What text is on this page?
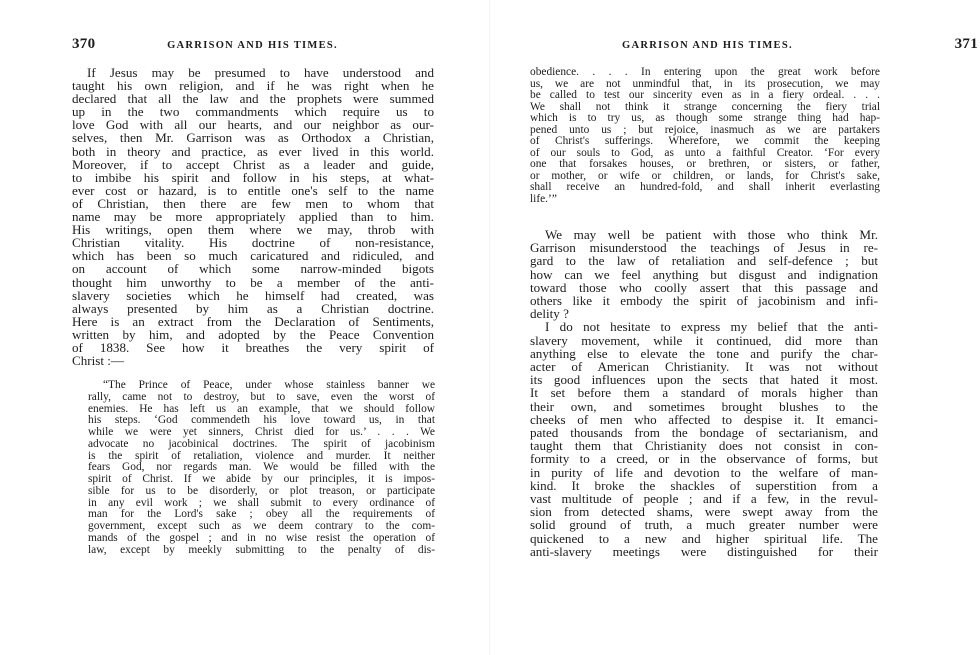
370	GARRISON AND HIS TIMES.
If Jesus may be presumed to have understood and
taught his own religion, and if he was right when he
declared that all the law and the prophets were summed
up in the two commandments which require us to
love God with all our hearts, and our neighbor as our-
selves, then Mr. Garrison was as Orthodox a Christian,
both in theory and practice, as ever lived in this world.
Moreover, if to accept Christ as a leader and guide,
to imbibe his spirit and follow in his steps, at what-
ever cost or hazard, is to entitle one's self to the name
of Christian, then there are few men to whom that
name may be more appropriately applied than to him.
His writings, open them where we may, throb with
Christian vitality. His doctrine of non-resistance,
which has been so much caricatured and ridiculed, and
on account of which some narrow-minded bigots
thought him unworthy to be a member of the anti-
slavery societies which he himself had created, was
always presented by him as a Christian doctrine.
Here is an extract from the Declaration of Sentiments,
written by him, and adopted by the Peace Convention
of 1838. See how it breathes the very spirit of
Christ :—
“The Prince of Peace, under whose stainless banner we
rally, came not to destroy, but to save, even the worst of
enemies. He has left us an example, that we should follow
his steps. ‘God commendeth his love toward us, in that
while we were yet sinners, Christ died for us.’ . . . We
advocate no jacobinical doctrines. The spirit of jacobinism
is the spirit of retaliation, violence and murder. It neither
fears God, nor regards man. We would be filled with the
spirit of Christ. If we abide by our principles, it is impos-
sible for us to be disorderly, or plot treason, or participate
in any evil work ; we shall submit to every ordinance of
man for the Lord's sake ; obey all the requirements of
government, except such as we deem contrary to the com-
mands of the gospel ; and in no wise resist the operation of
law, except by meekly submitting to the penalty of dis-
GARRISON AND HIS TIMES.	371
obedience. . . . In entering upon the great work before
us, we are not unmindful that, in its prosecution, we may
be called to test our sincerity even as in a fiery ordeal. . . .
We shall not think it strange concerning the fiery trial
which is to try us, as though some strange thing had hap-
pened unto us ; but rejoice, inasmuch as we are partakers
of Christ's sufferings. Wherefore, we commit the keeping
of our souls to God, as unto a faithful Creator. ‘For every
one that forsakes houses, or brethren, or sisters, or father,
or mother, or wife or children, or lands, for Christ's sake,
shall receive an hundred-fold, and shall inherit everlasting
life.’”
We may well be patient with those who think Mr.
Garrison misunderstood the teachings of Jesus in re-
gard to the law of retaliation and self-defence ; but
how can we feel anything but disgust and indignation
toward those who coolly assert that this passage and
others like it embody the spirit of jacobinism and infi-
delity ?
I do not hesitate to express my belief that the anti-
slavery movement, while it continued, did more than
anything else to elevate the tone and purify the char-
acter of American Christianity. It was not without
its good influences upon the sects that hated it most.
It set before them a standard of morals higher than
their own, and sometimes brought blushes to the
cheeks of men who affected to despise it. It emanci-
pated thousands from the bondage of sectarianism, and
taught them that Christianity does not consist in con-
formity to a creed, or in the observance of forms, but
in purity of life and devotion to the welfare of man-
kind. It broke the shackles of superstition from a
vast multitude of people ; and if a few, in the revul-
sion from detected shams, were swept away from the
solid ground of truth, a much greater number were
quickened to a new and higher spiritual life. The
anti-slavery meetings were distinguished for their
